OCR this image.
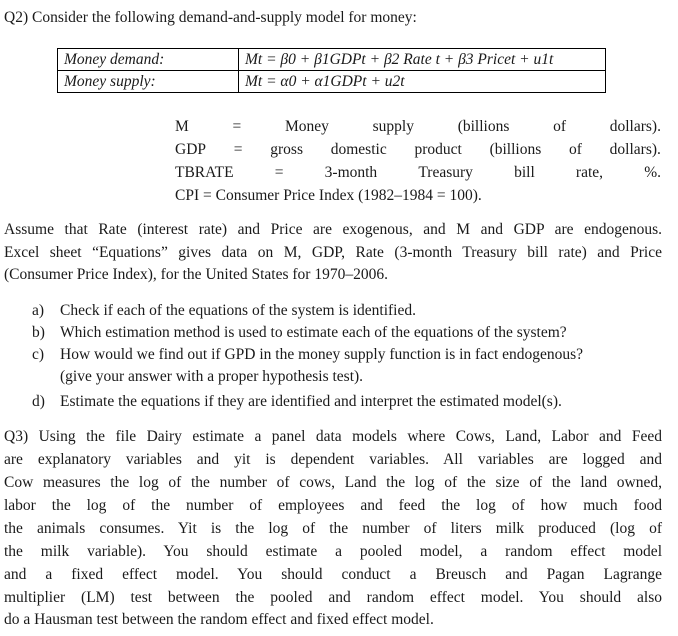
Q2) Consider the following demand-and-supply model for money:
Money demand:	Mt = β0 + β1GDPt + β2 Rate t + β3 Pricet + u1t
Money supply:	Mt = α0 + α1GDPt + u2t
M	=	Money	supply	(billions	of	dollars).
GDP = gross domestic product (billions of dollars).
TBRATE	=	3-month	Treasury	bill	rate,	%.
CPI = Consumer Price Index (1982–1984 = 100).
Assume that Rate (interest rate) and Price are exogenous, and M and GDP are endogenous.
Excel sheet “Equations” gives data on M, GDP, Rate (3-month Treasury bill rate) and Price
(Consumer Price Index), for the United States for 1970–2006.
a) Check if each of the equations of the system is identified.
b) Which estimation method is used to estimate each of the equations of the system?
c) How would we find out if GPD in the money supply function is in fact endogenous?
(give your answer with a proper hypothesis test).
d) Estimate the equations if they are identified and interpret the estimated model(s).
Q3) Using the file Dairy estimate a panel data models where Cows, Land, Labor and Feed
are explanatory variables and yit is dependent variables. All variables are logged and
Cow measures the log of the number of cows, Land the log of the size of the land owned,
labor the log of the number of employees and feed the log of how much food
the animals consumes. Yit is the log of the number of liters milk produced (log of
the milk variable). You should estimate a pooled model, a random effect model
and a fixed effect model. You should conduct a Breusch and Pagan Lagrange
multiplier (LM) test between the pooled and random effect model. You should also
do a Hausman test between the random effect and fixed effect model.
